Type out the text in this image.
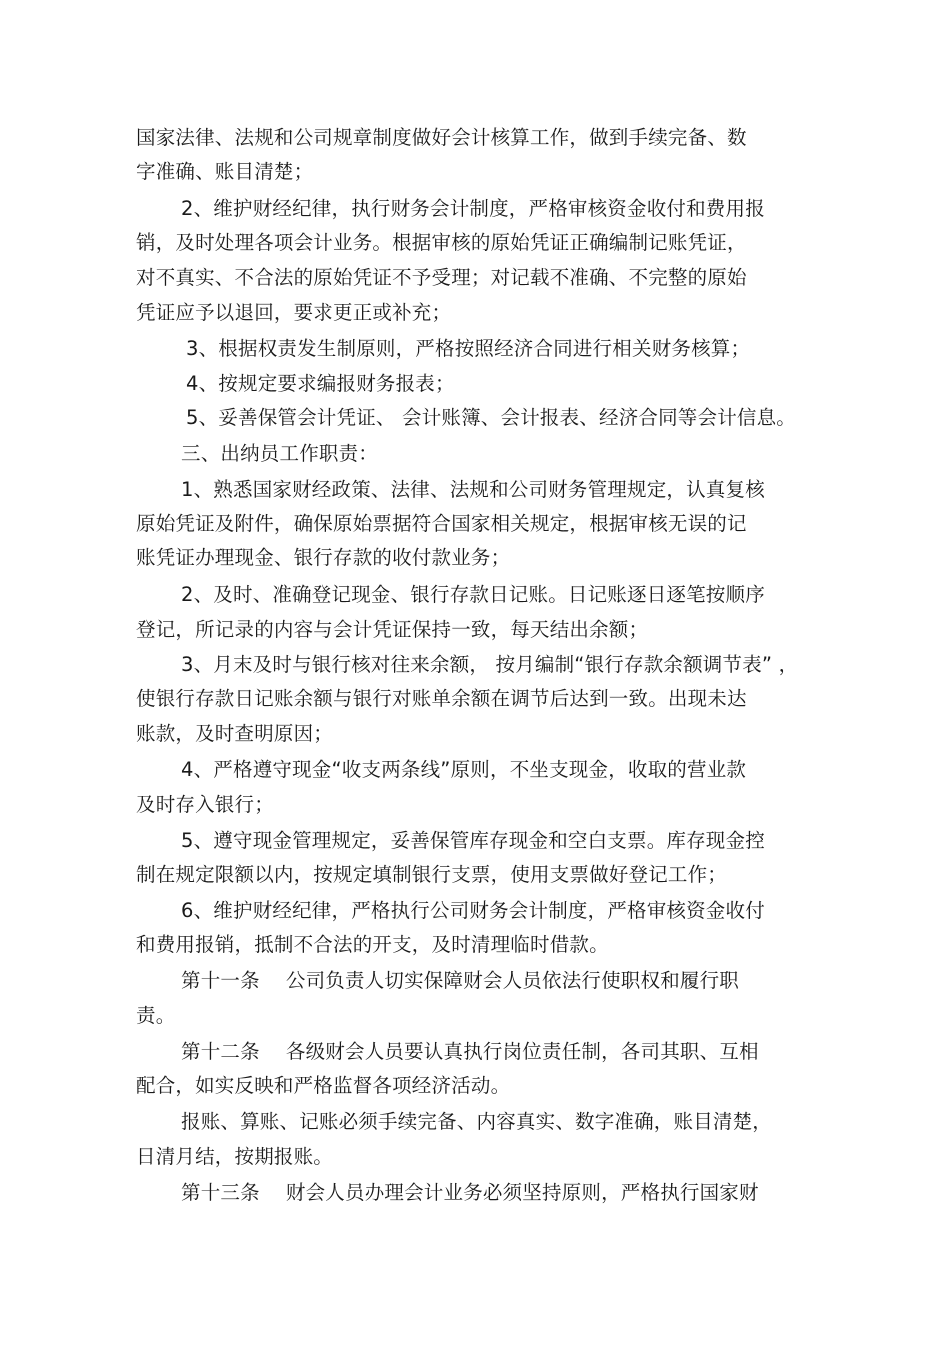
国家法律、法规和公司规章制度做好会计核算工作，做到手续完备、数
字准确、账目清楚；
2、维护财经纪律，执行财务会计制度，严格审核资金收付和费用报
销，及时处理各项会计业务。根据审核的原始凭证正确编制记账凭证，
对不真实、不合法的原始凭证不予受理；对记载不准确、不完整的原始
凭证应予以退回，要求更正或补充；
3、根据权责发生制原则，严格按照经济合同进行相关财务核算；
4、按规定要求编报财务报表；
5、妥善保管会计凭证、 会计账簿、会计报表、经济合同等会计信息。
三、出纳员工作职责：
1、熟悉国家财经政策、法律、法规和公司财务管理规定，认真复核
原始凭证及附件，确保原始票据符合国家相关规定，根据审核无误的记
账凭证办理现金、银行存款的收付款业务；
2、及时、准确登记现金、银行存款日记账。日记账逐日逐笔按顺序
登记，所记录的内容与会计凭证保持一致，每天结出余额；
3、月末及时与银行核对往来余额， 按月编制“银行存款余额调节表” ，
使银行存款日记账余额与银行对账单余额在调节后达到一致。出现未达
账款，及时查明原因；
4、严格遵守现金“收支两条线”原则，不坐支现金，收取的营业款
及时存入银行；
5、遵守现金管理规定，妥善保管库存现金和空白支票。库存现金控
制在规定限额以内，按规定填制银行支票，使用支票做好登记工作；
6、维护财经纪律，严格执行公司财务会计制度，严格审核资金收付
和费用报销，抵制不合法的开支，及时清理临时借款。
第十一条　 公司负责人切实保障财会人员依法行使职权和履行职
责。
第十二条　 各级财会人员要认真执行岗位责任制，各司其职、互相
配合，如实反映和严格监督各项经济活动。
报账、算账、记账必须手续完备、内容真实、数字准确，账目清楚，
日清月结，按期报账。
第十三条　 财会人员办理会计业务必须坚持原则，严格执行国家财
